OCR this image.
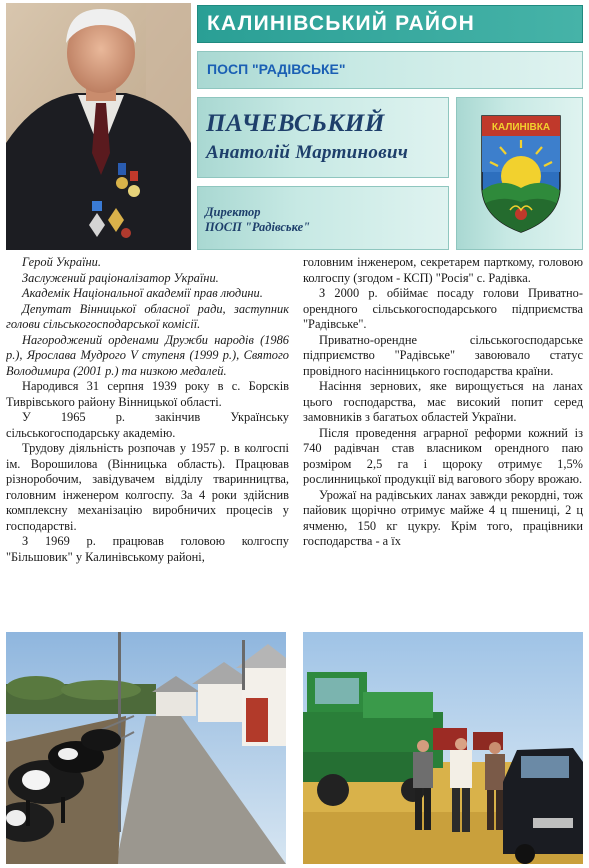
КАЛИНІВСЬКИЙ РАЙОН
ПОСП "РАДІВСЬКЕ"
ПАЧЕВСЬКИЙ
Анатолій Мартинович
Директор
ПОСП "Радівське"
КАЛИНІВКА

Герой України.

Заслужений раціоналізатор України.

Академік Національної академії прав людини.

Депутат Вінницької обласної ради, заступник голови сільськогосподарської комісії.

Нагороджений орденами Дружби народів (1986 р.), Ярослава Мудрого V ступеня (1999 р.), Святого Володимира (2001 р.) та низкою медалей.

Народився 31 серпня 1939 року в с. Борсків Тиврівського району Вінницької області.

У 1965 р. закінчив Українську сільськогосподарську академію.

Трудову діяльність розпочав у 1957 р. в колгоспі ім. Ворошилова (Вінницька область). Працював різноробочим, завідувачем відділу тваринництва, головним інженером колгоспу. За 4 роки здійснив комплексну механізацію виробничих процесів у господарстві.

З 1969 р. працював головою колгоспу "Більшовик" у Калинівському районі,

головним інженером, секретарем парткому, головою колгоспу (згодом - КСП) "Росія" с. Радівка.

З 2000 р. обіймає посаду голови Приватно-орендного сільськогосподарського підприємства "Радівське".

Приватно-орендне сільськогосподарське підприємство "Радівське" завоювало статус провідного насінницького господарства країни.

Насіння зернових, яке вирощується на ланах цього господарства, має високий попит серед замовників з багатьох областей України.

Після проведення аграрної реформи кожний із 740 радівчан став власником орендного паю розміром 2,5 га і щороку отримує 1,5% рослинницької продукції від вагового збору врожаю.

Урожаї на радівських ланах завжди рекордні, тож пайовик щорічно отримує майже 4 ц пшениці, 2 ц ячменю, 150 кг цукру. Крім того, працівники господарства - а їх
